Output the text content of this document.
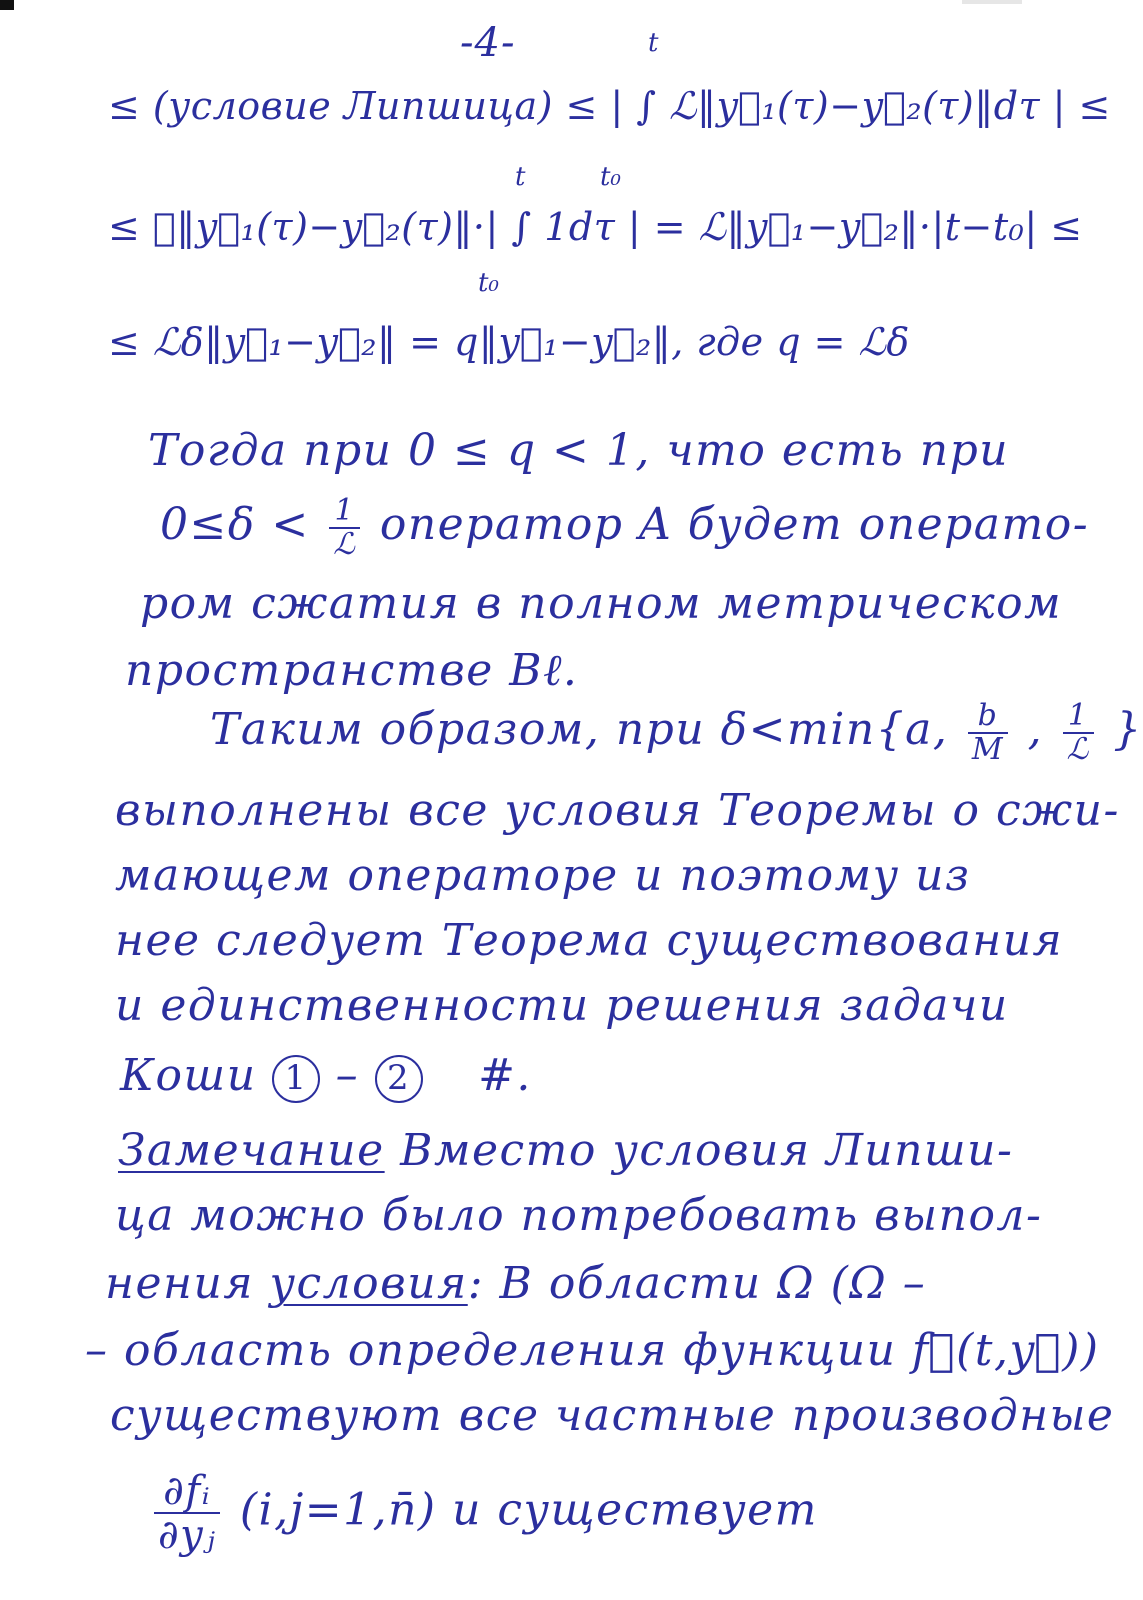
-4-	t
≤ (условие Липшица) ≤ | ∫ ℒ‖y⃗₁(τ)−y⃗₂(τ)‖dτ | ≤
t₀
t
≤ ℒ‖y⃗₁(τ)−y⃗₂(τ)‖·| ∫ 1dτ | = ℒ‖y⃗₁−y⃗₂‖·|t−t₀| ≤
t₀
≤ ℒδ‖y⃗₁−y⃗₂‖ = q‖y⃗₁−y⃗₂‖, где q = ℒδ
Тогда при 0 ≤ q < 1, что есть при
$0\le\delta < \frac{1}{\text{ℒ}}$ оператор A будет операто-
ром сжатия в полном метрическом
пространстве Bℓ.
Таким образом, при δ<min{a, $\frac{b}{M}$ , $\frac{1}{\text{ℒ}}$ }
выполнены все условия Теоремы о сжи-
мающем операторе и поэтому из
нее следует Теорема существования
и единственности решения задачи
Коши 1 – 2 #.
Замечание Вместо условия Липши-
ца можно было потребовать выпол-
нения условия: В области Ω (Ω –
– область определения функции f⃗(t,y⃗))
существуют все частные производные
$\frac{\text{∂fᵢ}}{\text{∂yⱼ}}$ (i,j=1,n̄) и существует
